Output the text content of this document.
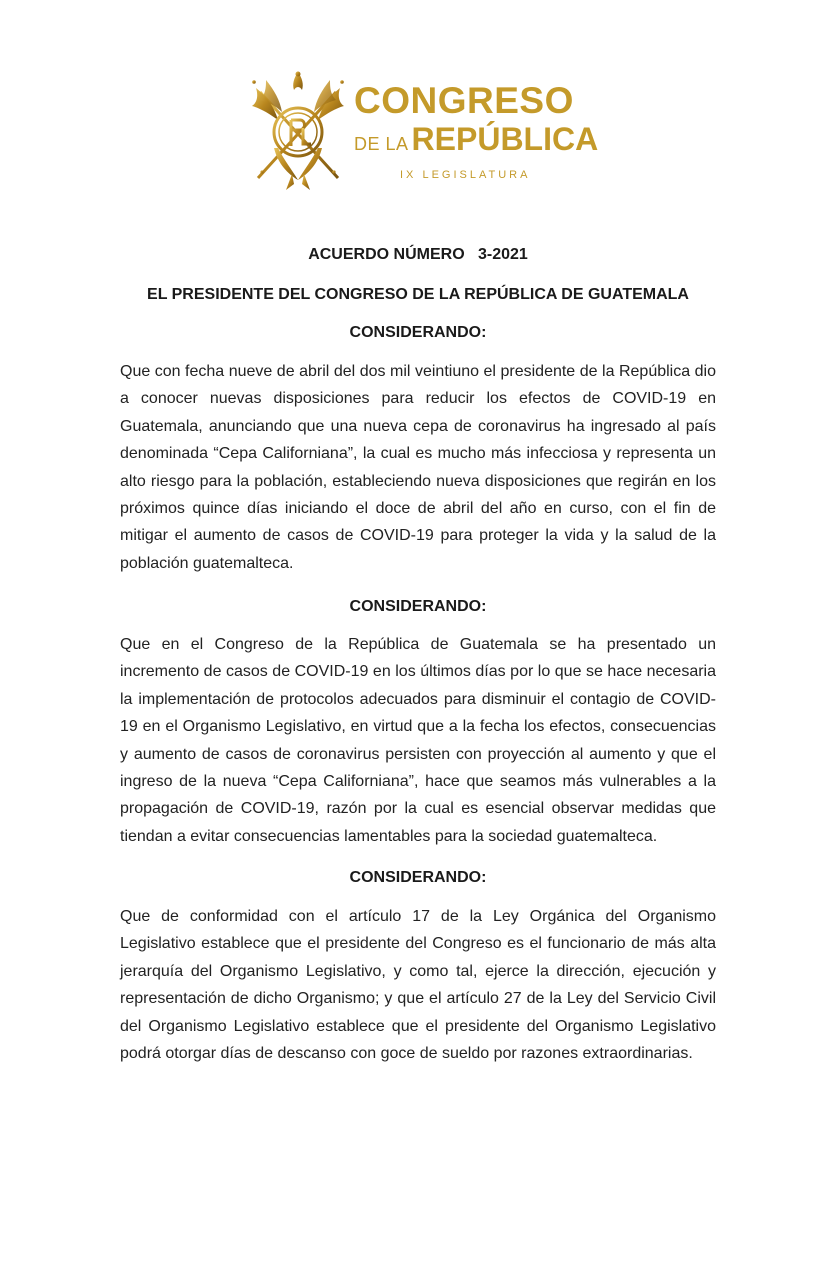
CONGRESO
DE LAREPÚBLICA
IX LEGISLATURA
ACUERDO NÚMERO   3-2021
EL PRESIDENTE DEL CONGRESO DE LA REPÚBLICA DE GUATEMALA
CONSIDERANDO:
Que con fecha nueve de abril del dos mil veintiuno el presidente de la República dio a conocer nuevas disposiciones para reducir los efectos de COVID-19 en Guatemala, anunciando que una nueva cepa de coronavirus ha ingresado al país denominada “Cepa Californiana”, la cual es mucho más infecciosa y representa un alto riesgo para la población, estableciendo nueva disposiciones que regirán en los próximos quince días iniciando el doce de abril del año en curso, con el fin de mitigar el aumento de casos de COVID-19 para proteger la vida y la salud de la población guatemalteca.
CONSIDERANDO:
Que en el Congreso de la República de Guatemala se ha presentado un incremento de casos de COVID-19 en los últimos días por lo que se hace necesaria la implementación de protocolos adecuados para disminuir el contagio de COVID-19 en el Organismo Legislativo, en virtud que a la fecha los efectos, consecuencias y aumento de casos de coronavirus persisten con proyección al aumento y que el ingreso de la nueva “Cepa Californiana”, hace que seamos más vulnerables a la propagación de COVID-19, razón por la cual es esencial observar medidas que tiendan a evitar consecuencias lamentables para la sociedad guatemalteca.
CONSIDERANDO:
Que de conformidad con el artículo 17 de la Ley Orgánica del Organismo Legislativo establece que el presidente del Congreso es el funcionario de más alta jerarquía del Organismo Legislativo, y como tal, ejerce la dirección, ejecución y representación de dicho Organismo; y que el artículo 27 de la Ley del Servicio Civil del Organismo Legislativo establece que el presidente del Organismo Legislativo podrá otorgar días de descanso con goce de sueldo por razones extraordinarias.
